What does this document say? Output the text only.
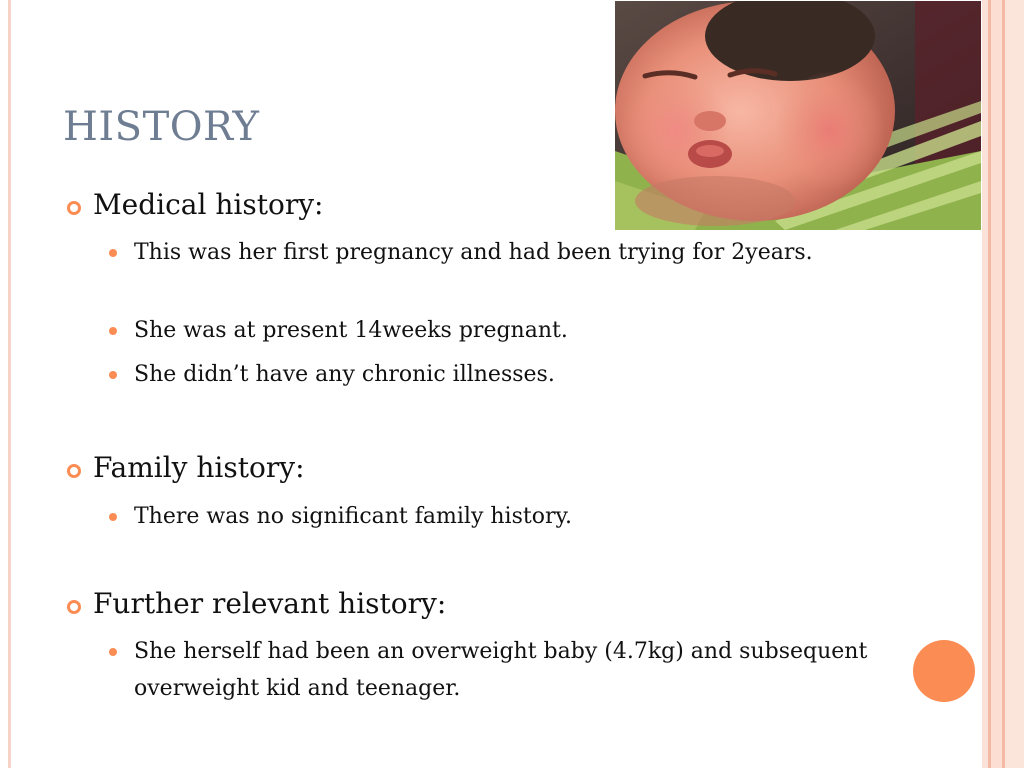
HISTORY
Medical history:
This was her first pregnancy and had been trying for 2years.
She was at present 14weeks pregnant.
She didn’t have any chronic illnesses.
Family history:
There was no significant family history.
Further relevant history:
She herself had been an overweight baby (4.7kg) and subsequent overweight kid and teenager.
